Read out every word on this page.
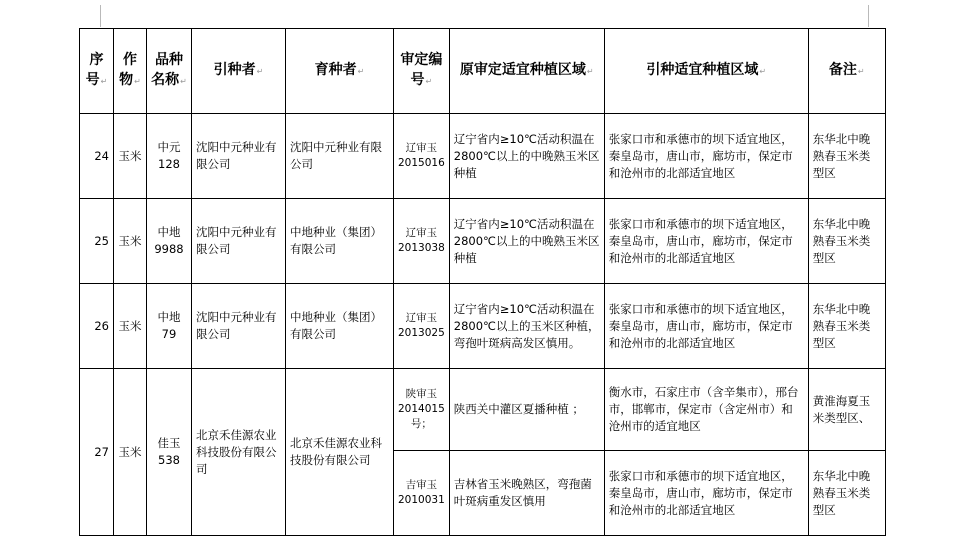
序号↵	作物↵	品种名称↵	引种者↵	育种者↵	审定编号↵	原审定适宜种植区域↵	引种适宜种植区域↵	备注↵
24	玉米	中元128	沈阳中元种业有限公司	沈阳中元种业有限公司	辽审玉2015016	辽宁省内≥10℃活动积温在 2800℃以上的中晚熟玉米区种植	张家口市和承德市的坝下适宜地区，秦皇岛市，唐山市，廊坊市，保定市和沧州市的北部适宜地区	东华北中晚熟春玉米类型区
25	玉米	中地9988	沈阳中元种业有限公司	中地种业（集团）有限公司	辽审玉2013038	辽宁省内≥10℃活动积温在 2800℃以上的中晚熟玉米区种植	张家口市和承德市的坝下适宜地区，秦皇岛市，唐山市，廊坊市，保定市和沧州市的北部适宜地区	东华北中晚熟春玉米类型区
26	玉米	中地79	沈阳中元种业有限公司	中地种业（集团）有限公司	辽审玉2013025	辽宁省内≥10℃活动积温在 2800℃以上的玉米区种植，弯孢叶斑病高发区慎用。	张家口市和承德市的坝下适宜地区，秦皇岛市，唐山市，廊坊市，保定市和沧州市的北部适宜地区	东华北中晚熟春玉米类型区
27	玉米	佳玉538	北京禾佳源农业科技股份有限公司	北京禾佳源农业科技股份有限公司	陕审玉2014015号；	陕西关中灌区夏播种植 ；	衡水市，石家庄市（含辛集市），邢台市，邯郸市，保定市（含定州市）和沧州市的适宜地区	黄淮海夏玉米类型区、
					吉审玉2010031	吉林省玉米晚熟区，弯孢菌叶斑病重发区慎用	张家口市和承德市的坝下适宜地区，秦皇岛市，唐山市，廊坊市，保定市和沧州市的北部适宜地区	东华北中晚熟春玉米类型区
